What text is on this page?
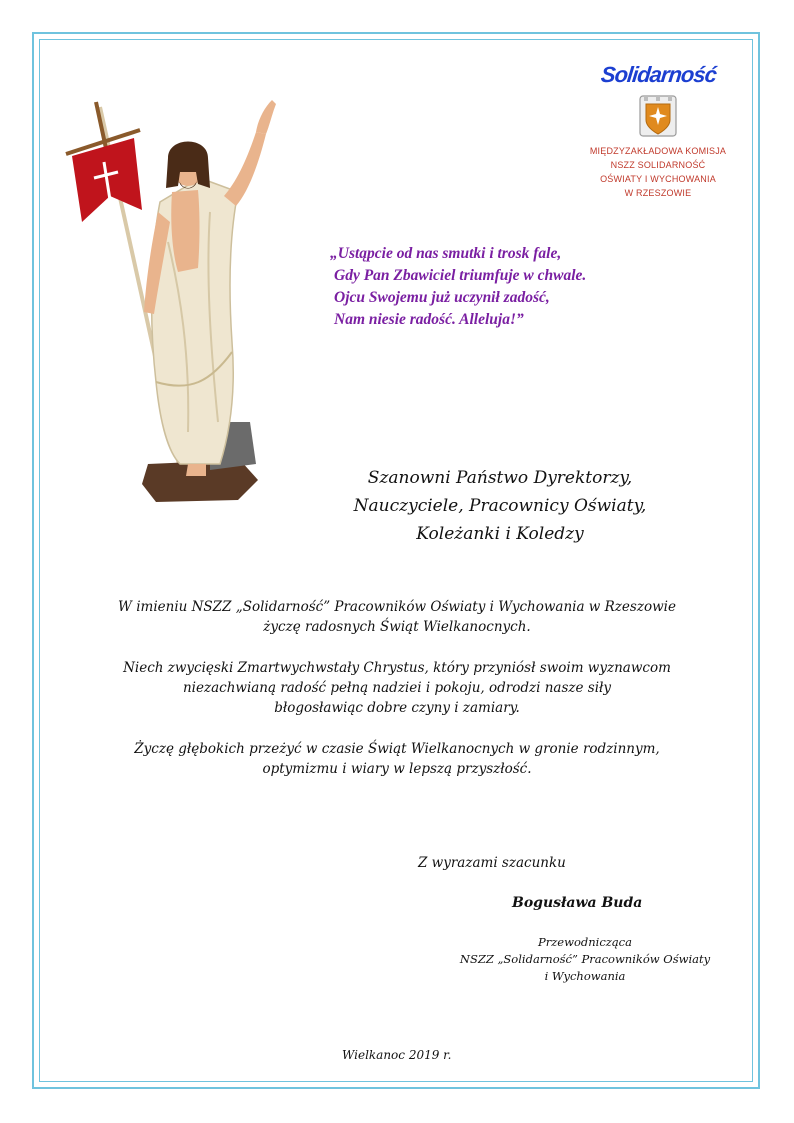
Solidarność
MIĘDZYZAKŁADOWA KOMISJA
NSZZ SOLIDARNOŚĆ
OŚWIATY I WYCHOWANIA
W RZESZOWIE
„Ustąpcie od nas smutki i trosk fale,
Gdy Pan Zbawiciel triumfuje w chwale.
Ojcu Swojemu już uczynił zadość,
Nam niesie radość. Alleluja!”
Szanowni Państwo Dyrektorzy,
Nauczyciele, Pracownicy Oświaty,
Koleżanki i Koledzy
W imieniu NSZZ „Solidarność” Pracowników Oświaty i Wychowania w Rzeszowie
życzę radosnych Świąt Wielkanocnych.
Niech zwycięski Zmartwychwstały Chrystus, który przyniósł swoim wyznawcom
niezachwianą radość pełną nadziei i pokoju, odrodzi nasze siły
błogosławiąc dobre czyny i zamiary.
Życzę głębokich przeżyć w czasie Świąt Wielkanocnych w gronie rodzinnym,
optymizmu i wiary w lepszą przyszłość.
Z wyrazami szacunku
Bogusława Buda
Przewodnicząca
NSZZ „Solidarność” Pracowników Oświaty
i Wychowania
Wielkanoc 2019 r.
